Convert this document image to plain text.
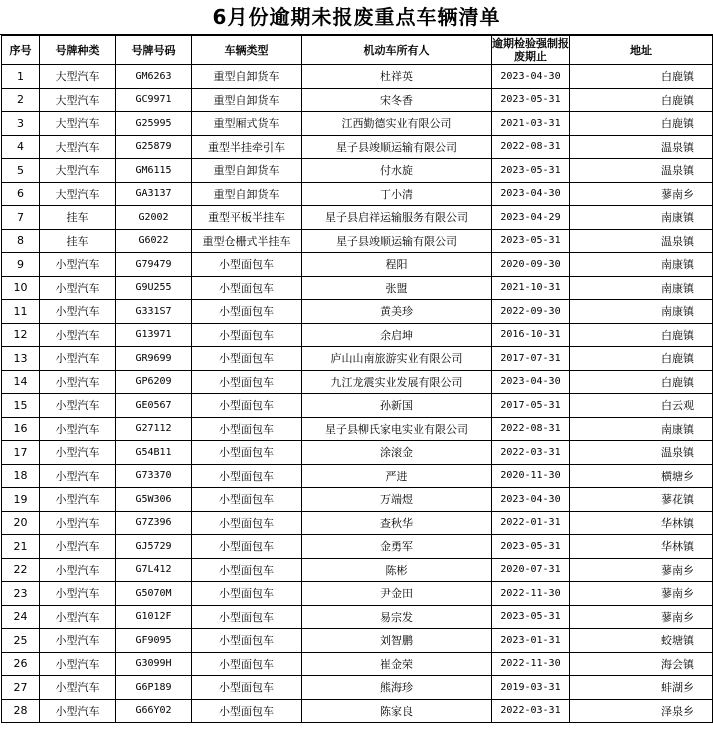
6月份逾期未报废重点车辆清单
序号	号牌种类	号牌号码	车辆类型	机动车所有人	逾期检验强制报废期止	地址
1	大型汽车	GM6263	重型自卸货车	杜祥英	2023-04-30	白鹿镇
2	大型汽车	GC9971	重型自卸货车	宋冬香	2023-05-31	白鹿镇
3	大型汽车	G25995	重型厢式货车	江西勤德实业有限公司	2021-03-31	白鹿镇
4	大型汽车	G25879	重型半挂牵引车	星子县竣顺运输有限公司	2022-08-31	温泉镇
5	大型汽车	GM6115	重型自卸货车	付水旋	2023-05-31	温泉镇
6	大型汽车	GA3137	重型自卸货车	丁小清	2023-04-30	蓼南乡
7	挂车	G2002	重型平板半挂车	星子县启祥运输服务有限公司	2023-04-29	南康镇
8	挂车	G6022	重型仓栅式半挂车	星子县竣顺运输有限公司	2023-05-31	温泉镇
9	小型汽车	G79479	小型面包车	程阳	2020-09-30	南康镇
10	小型汽车	G9U255	小型面包车	张盟	2021-10-31	南康镇
11	小型汽车	G331S7	小型面包车	黄美珍	2022-09-30	南康镇
12	小型汽车	G13971	小型面包车	余启坤	2016-10-31	白鹿镇
13	小型汽车	GR9699	小型面包车	庐山山南旅游实业有限公司	2017-07-31	白鹿镇
14	小型汽车	GP6209	小型面包车	九江龙震实业发展有限公司	2023-04-30	白鹿镇
15	小型汽车	GE0567	小型面包车	孙新国	2017-05-31	白云观
16	小型汽车	G27112	小型面包车	星子县柳氏家电实业有限公司	2022-08-31	南康镇
17	小型汽车	G54B11	小型面包车	涂滚金	2022-03-31	温泉镇
18	小型汽车	G73370	小型面包车	严进	2020-11-30	横塘乡
19	小型汽车	G5W306	小型面包车	万端煜	2023-04-30	蓼花镇
20	小型汽车	G7Z396	小型面包车	查秋华	2022-01-31	华林镇
21	小型汽车	GJ5729	小型面包车	金勇军	2023-05-31	华林镇
22	小型汽车	G7L412	小型面包车	陈彬	2020-07-31	蓼南乡
23	小型汽车	G5070M	小型面包车	尹金田	2022-11-30	蓼南乡
24	小型汽车	G1012F	小型面包车	易宗发	2023-05-31	蓼南乡
25	小型汽车	GF9095	小型面包车	刘智鹏	2023-01-31	蛟塘镇
26	小型汽车	G3099H	小型面包车	崔金荣	2022-11-30	海会镇
27	小型汽车	G6P189	小型面包车	熊海珍	2019-03-31	蚌湖乡
28	小型汽车	G66Y02	小型面包车	陈家良	2022-03-31	泽泉乡
